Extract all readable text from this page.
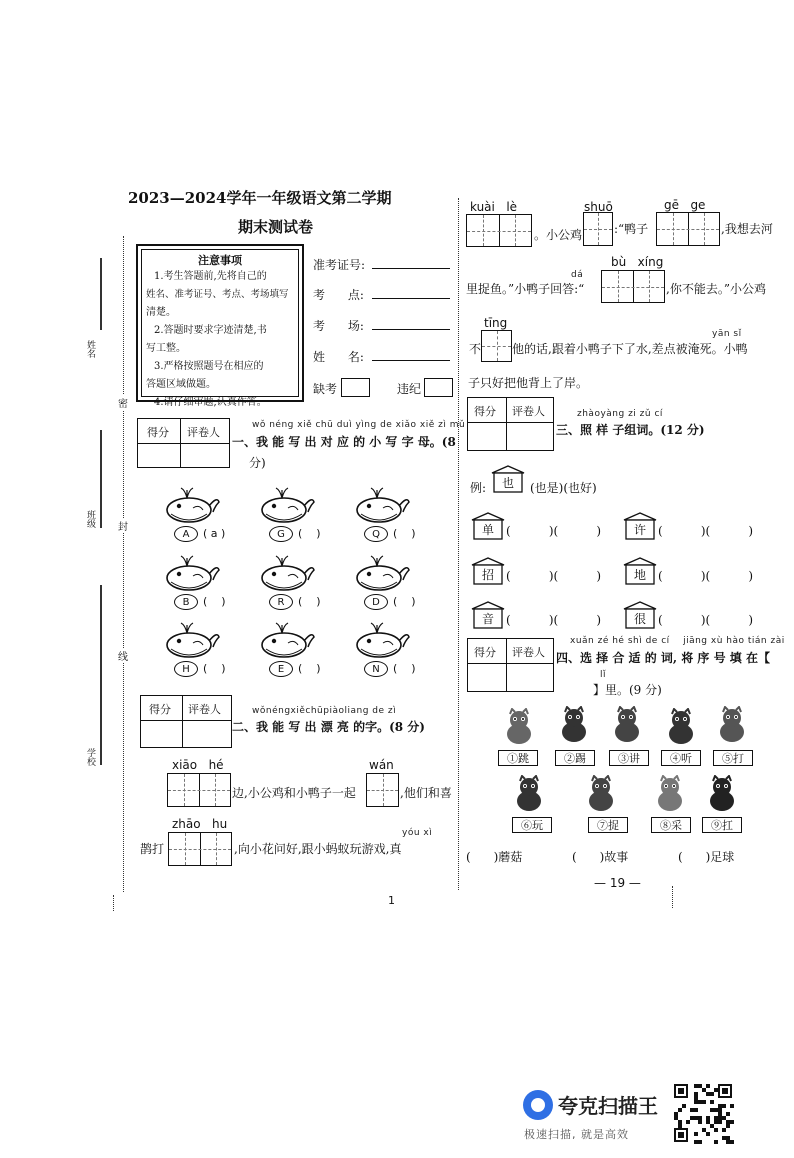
2023—2024学年一年级语文第二学期
期末测试卷
姓名
班级
学校
密
封
线
注意事项

1.考生答题前,先将自己的

姓名、准考证号、考点、考场填写

清楚。

2.答题时要求字迹清楚,书

写工整。

3.严格按照题号在相应的

答题区域做题。

4.请仔细审题,认真作答。

准考证号:
考      点:
考      场:
姓      名:
缺考	违纪
得分 评卷人
wǒ néng xiě chū duì yìng de xiǎo xiě zì mǔ
一、我 能 写 出 对 应 的 小 写 字 母。(8
分)
A	( a )	G	(    )	Q	(    )
B	(    )	R	(    )	D	(    )
H	(    )	E	(    )	N	(    )
得分 评卷人	wǒnéngxiěchūpiàoliang de zì
二、我 能 写 出 漂 亮 的字。(8 分)
xiāo   hé
边,小公鸡和小鸭子一起
wán
,他们和喜
zhāo   hu
鹊打
yóu xì
,向小花问好,跟小蚂蚁玩游戏,真
kuài   lè
。小公鸡
shuō
:“鸭子
gē   ge
,我想去河
dá
bù   xíng
里捉鱼。”小鸭子回答:“	,你不能去。”小公鸡
tīng
yān sǐ
不	他的话,跟着小鸭子下了水,差点被淹死。小鸭
子只好把他背上了岸。
得分 评卷人	zhàoyàng zi zǔ cí
三、照 样 子组词。(12 分)
例:	也	(也是)(也好)
单	(          )(          )	许	(          )(          )
招	(          )(          )	地	(          )(          )
音	(          )(          )	很	(          )(          )
得分 评卷人
xuǎn zé hé shì de cí    jiāng xù hào tián zài
四、选 择 合 适 的 词, 将 序 号 填 在【
lǐ
】里。(9 分)
①跳	②踢	③讲	④听	⑤打
⑥玩	⑦捉	⑧采	⑨扛
(      )蘑菇	(      )故事	(      )足球
1
— 19 —
夸克扫描王
极速扫描, 就是高效
